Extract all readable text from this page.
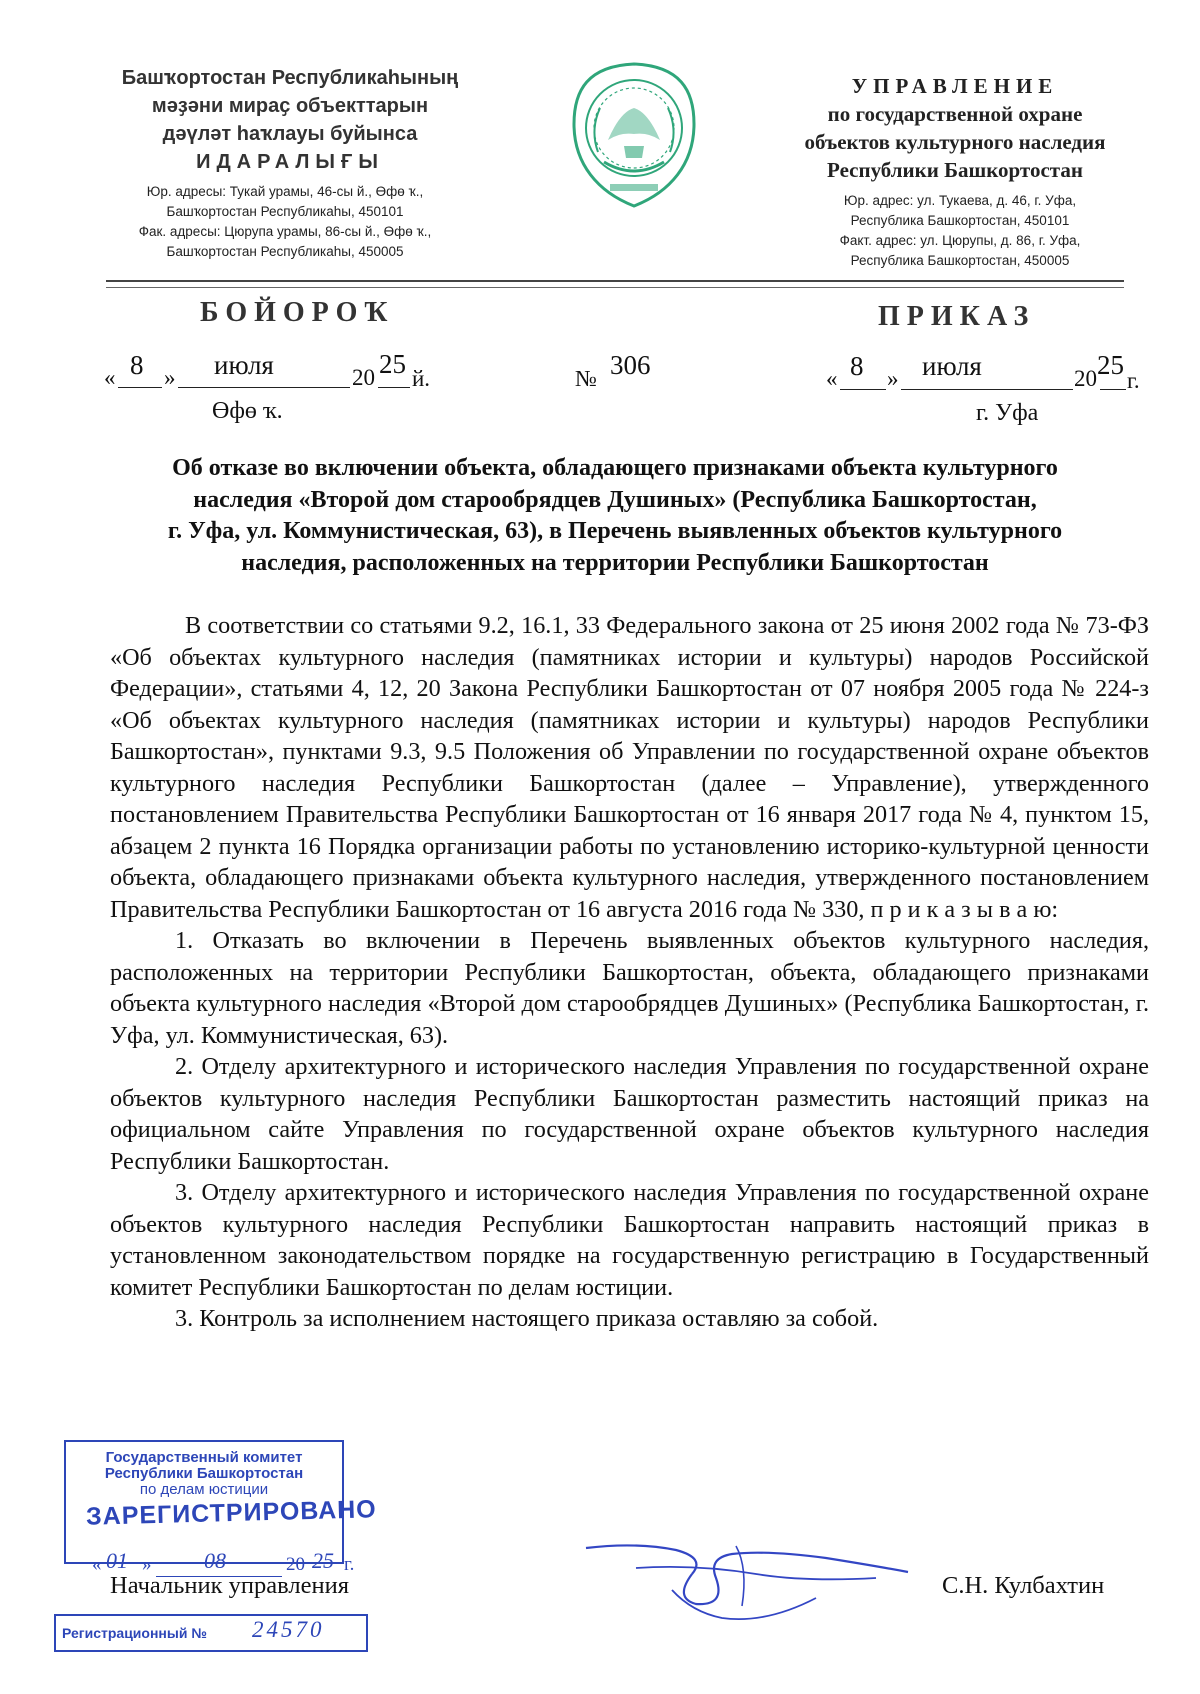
Башҡортостан Республикаһының
мәҙәни мираҫ объекттарын
дәүләт һаҡлауы буйынса
ИДАРАЛЫҒЫ
Юр. адресы: Тукай урамы, 46-сы й., Өфө ҡ.,
Башҡортостан Республикаһы, 450101
Фак. адресы: Цюрупа урамы, 86-сы й., Өфө ҡ.,
Башҡортостан Республикаһы, 450005
УПРАВЛЕНИЕ
по государственной охране
объектов культурного наследия
Республики Башкортостан
Юр. адрес: ул. Тукаева, д. 46, г. Уфа,
Республика Башкортостан, 450101
Факт. адрес: ул. Цюрупы, д. 86, г. Уфа,
Республика Башкортостан, 450005
БОЙОРОҠ	ПРИКАЗ
« 8 » июля	20 25 й.	№ 306	« 8 » июля	20 25
г.
Өфө ҡ.	г. Уфа
Об отказе во включении объекта, обладающего признаками объекта культурного
наследия «Второй дом старообрядцев Душиных» (Республика Башкортостан,
г. Уфа, ул. Коммунистическая, 63), в Перечень выявленных объектов культурного
наследия, расположенных на территории Республики Башкортостан

В соответствии со статьями 9.2, 16.1, 33 Федерального закона от 25 июня 2002 года № 73-ФЗ «Об объектах культурного наследия (памятниках истории и культуры) народов Российской Федерации», статьями 4, 12, 20 Закона Республики Башкортостан от 07 ноября 2005 года № 224-з «Об объектах культурного наследия (памятниках истории и культуры) народов Республики Башкортостан», пунктами 9.3, 9.5 Положения об Управлении по государственной охране объектов культурного наследия Республики Башкортостан (далее – Управление), утвержденного постановлением Правительства Республики Башкортостан от 16 января 2017 года № 4, пунктом 15, абзацем 2 пункта 16 Порядка организации работы по установлению историко-культурной ценности объекта, обладающего признаками объекта культурного наследия, утвержденного постановлением Правительства Республики Башкортостан от 16 августа 2016 года № 330, п р и к а з ы в а ю:

1. Отказать во включении в Перечень выявленных объектов культурного наследия, расположенных на территории Республики Башкортостан, объекта, обладающего признаками объекта культурного наследия «Второй дом старообрядцев Душиных» (Республика Башкортостан, г. Уфа, ул. Коммунистическая, 63).

2. Отделу архитектурного и исторического наследия Управления по государственной охране объектов культурного наследия Республики Башкортостан разместить настоящий приказ на официальном сайте Управления по государственной охране объектов культурного наследия Республики Башкортостан.

3. Отделу архитектурного и исторического наследия Управления по государственной охране объектов культурного наследия Республики Башкортостан направить настоящий приказ в установленном законодательством порядке на государственную регистрацию в Государственный комитет Республики Башкортостан по делам юстиции.

3. Контроль за исполнением настоящего приказа оставляю за собой.

Государственный комитет
Республики Башкортостан
по делам юстиции
ЗАРЕГИСТРИРОВАНО
« 01 » 08	20 25 г.
Регистрационный № 24570
Начальник управления	С.Н. Кулбахтин
